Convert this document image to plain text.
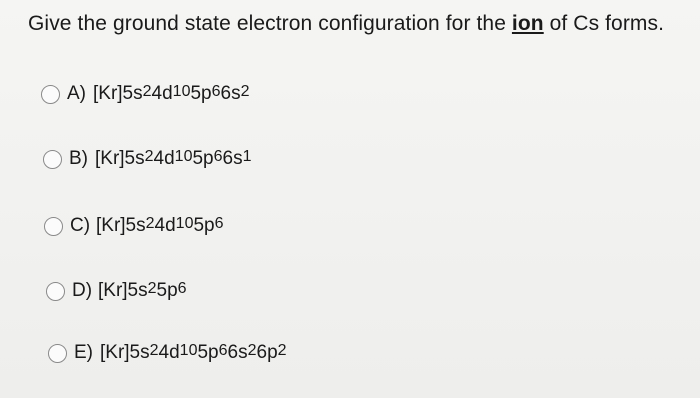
Give the ground state electron configuration for the ion of Cs forms.
A) $[Kr]5s^2$ $4d^{10}$ $5p^6$ $6s^2$
B) $[Kr]5s^2$ $4d^{10}$ $5p^6$ $6s^1$
C) $[Kr]5s^2$ $4d^{10}$ $5p^6$
D) $[Kr]5s^2$ $5p^6$
E) $[Kr]5s^2$ $4d^{10}$ $5p^6$ $6s^2$ $6p^2$
